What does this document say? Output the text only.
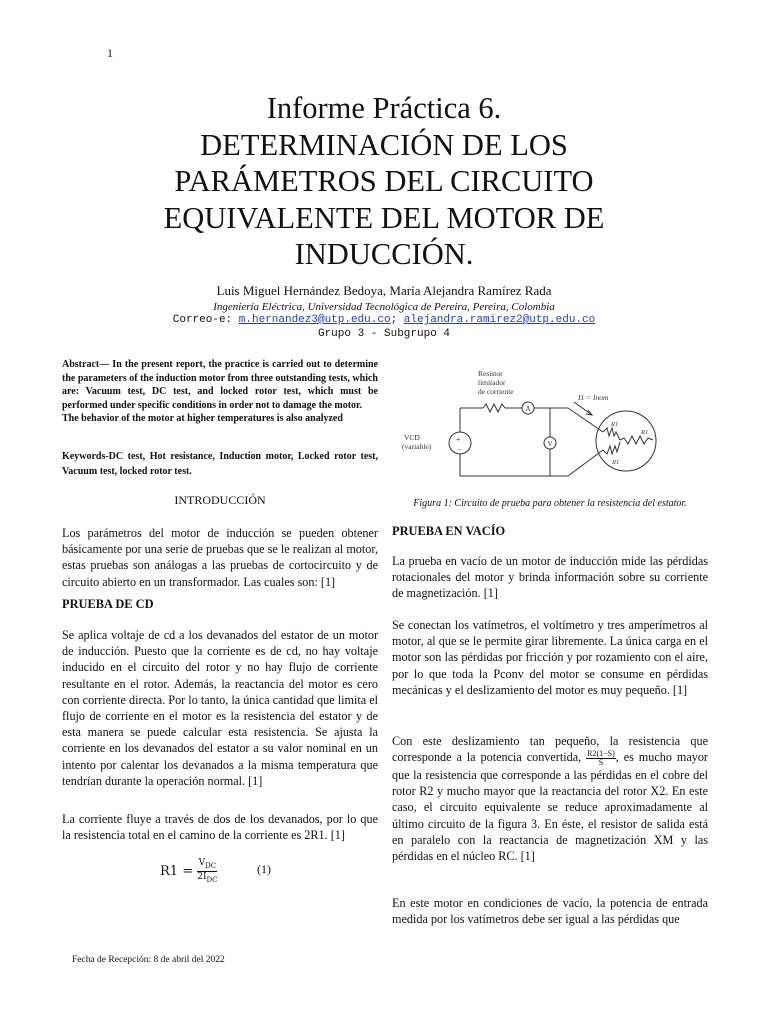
1
Informe Práctica 6.
DETERMINACIÓN DE LOS
PARÁMETROS DEL CIRCUITO
EQUIVALENTE DEL MOTOR DE
INDUCCIÓN.
Luis Miguel Hernández Bedoya, María Alejandra Ramírez Rada
Ingeniería Eléctrica, Universidad Tecnológica de Pereira, Pereira, Colombia
Correo-e: m.hernandez3@utp.edu.co; alejandra.ramirez2@utp.edu.co
Grupo 3 - Subgrupo 4
Abstract— In the present report, the practice is carried out to determine the parameters of the induction motor from three outstanding tests, which are: Vacuum test, DC test, and locked rotor test, which must be performed under specific conditions in order not to damage the motor.
The behavior of the motor at higher temperatures is also analyzed
Keywords-DC test, Hot resistance, Induction motor, Locked rotor test, Vacuum test, locked rotor test.
INTRODUCCIÓN
Los parámetros del motor de inducción se pueden obtener básicamente por una serie de pruebas que se le realizan al motor, estas pruebas son análogas a las pruebas de cortocircuito y de circuito abierto en un transformador. Las cuales son: [1]
PRUEBA DE CD
Se aplica voltaje de cd a los devanados del estator de un motor de inducción. Puesto que la corriente es de cd, no hay voltaje inducido en el circuito del rotor y no hay flujo de corriente resultante en el rotor. Además, la reactancia del motor es cero con corriente directa. Por lo tanto, la única cantidad que limita el flujo de corriente en el motor es la resistencia del estator y de esta manera se puede calcular esta resistencia. Se ajusta la corriente en los devanados del estator a su valor nominal en un intento por calentar los devanados a la misma temperatura que tendrían durante la operación normal. [1]
La corriente fluye a través de dos de los devanados, por lo que la resistencia total en el camino de la corriente es 2R1. [1]
$R1 = \frac{V_{DC}}{2I_{DC}}$	(1)
Resistor
limitador
de corriente
A
V
I1 = Inom
VCD
(variable)
+
−
R1
R1
R1
Figura 1: Circuito de prueba para obtener la resistencia del estator.
PRUEBA EN VACÍO
La prueba en vacío de un motor de inducción mide las pérdidas rotacionales del motor y brinda información sobre su corriente de magnetización. [1]
Se conectan los vatímetros, el voltímetro y tres amperímetros al motor, al que se le permite girar libremente. La única carga en el motor son las pérdidas por fricción y por rozamiento con el aire, por lo que toda la Pconv del motor se consume en pérdidas mecánicas y el deslizamiento del motor es muy pequeño. [1]
Con este deslizamiento tan pequeño, la resistencia que corresponde a la potencia convertida, $\frac{R2(1-S)}{S}$ , es mucho mayor que la resistencia que corresponde a las pérdidas en el cobre del rotor R2 y mucho mayor que la reactancia del rotor X2. En este caso, el circuito equivalente se reduce aproximadamente al último circuito de la figura 3. En éste, el resistor de salida está en paralelo con la reactancia de magnetización XM y las pérdidas en el núcleo RC. [1]
En este motor en condiciones de vacío, la potencia de entrada medida por los vatímetros debe ser igual a las pérdidas que
Fecha de Recepción: 8 de abril del 2022
